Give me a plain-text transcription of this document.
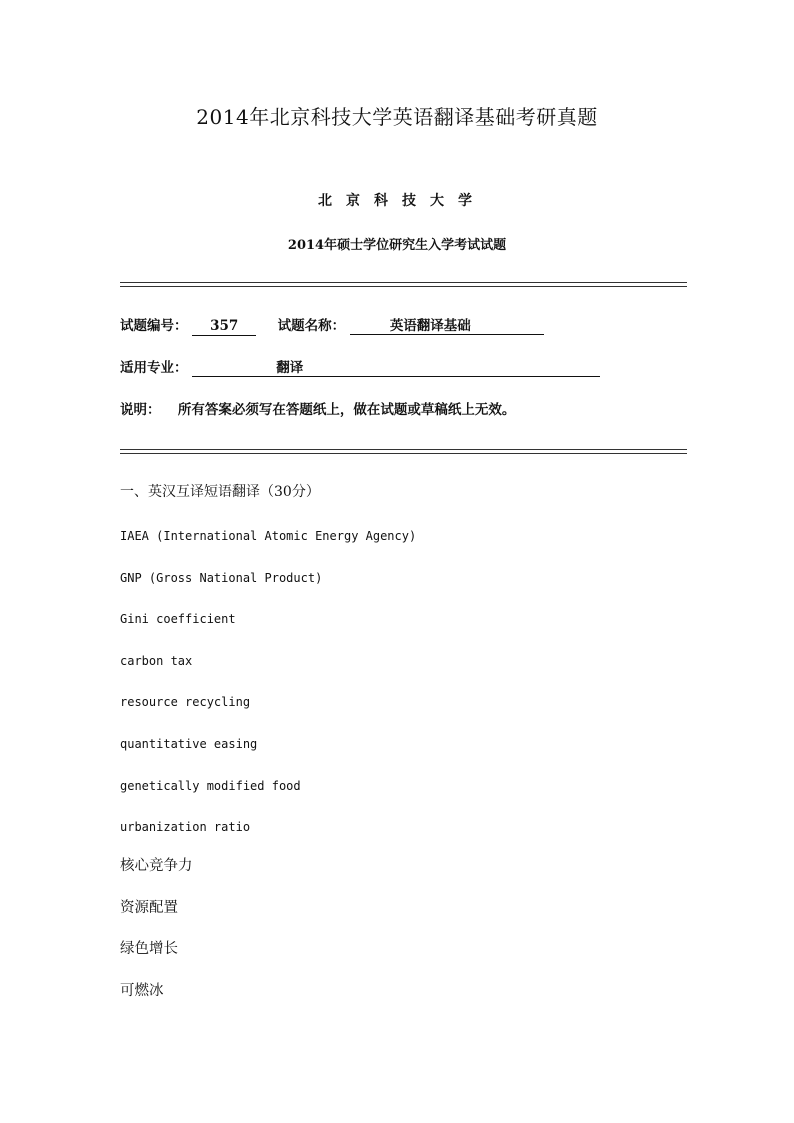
2014年北京科技大学英语翻译基础考研真题
北京科技大学
2014年硕士学位研究生入学考试试题
试题编号： 357	试题名称：	英语翻译基础
适用专业：	翻译
说明： 所有答案必须写在答题纸上，做在试题或草稿纸上无效。
一、英汉互译短语翻译（30分）
IAEA (International Atomic Energy Agency)
GNP (Gross National Product)
Gini coefficient
carbon tax
resource recycling
quantitative easing
genetically modified food
urbanization ratio
核心竞争力
资源配置
绿色增长
可燃冰
